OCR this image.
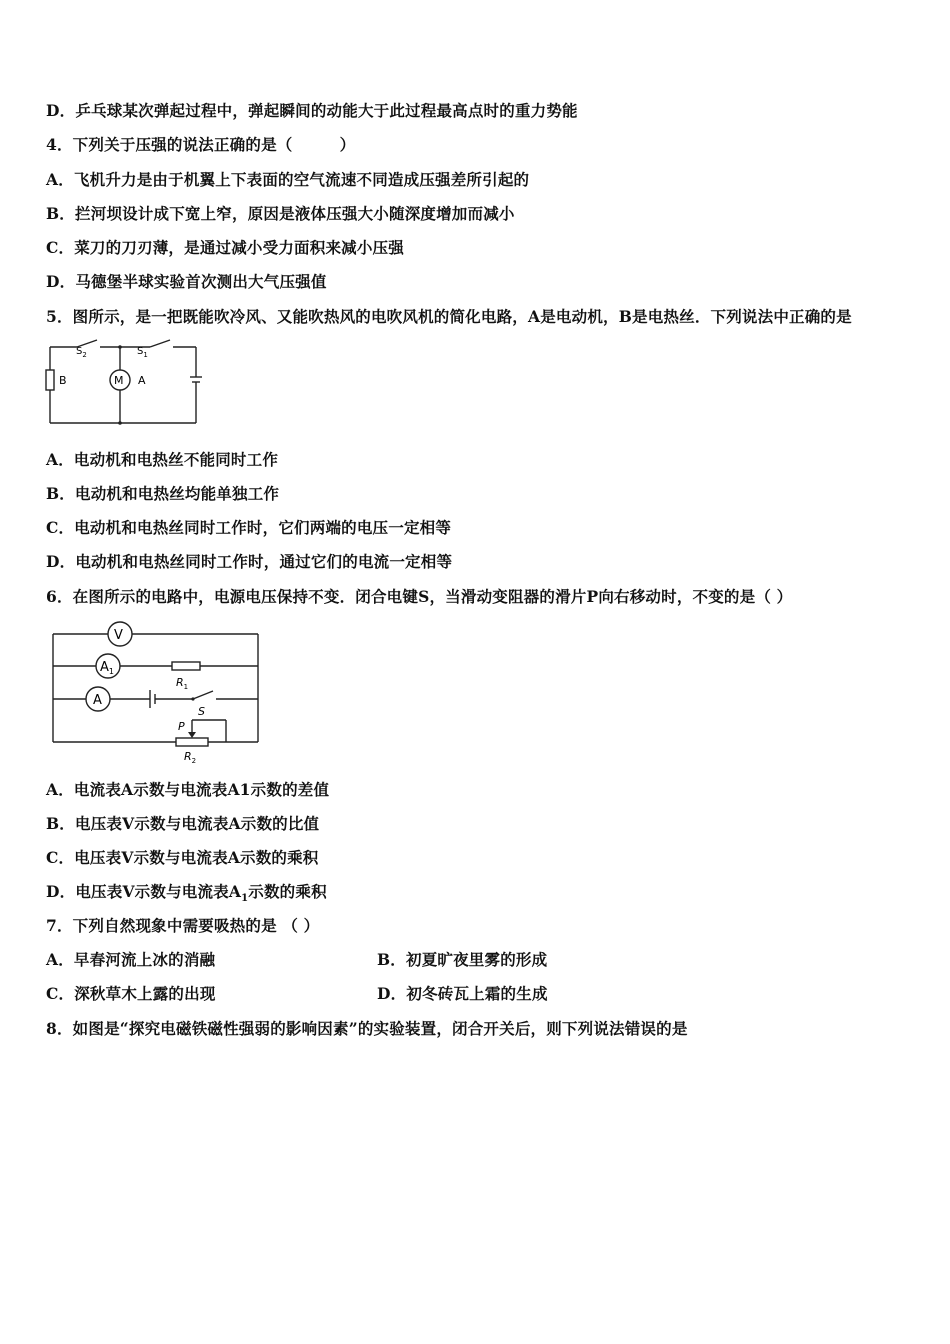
D．乒乓球某次弹起过程中，弹起瞬间的动能大于此过程最高点时的重力势能
4．下列关于压强的说法正确的是（　　　）
A．飞机升力是由于机翼上下表面的空气流速不同造成压强差所引起的
B．拦河坝设计成下宽上窄，原因是液体压强大小随深度增加而减小
C．菜刀的刀刃薄，是通过减小受力面积来减小压强
D．马德堡半球实验首次测出大气压强值
5．图所示，是一把既能吹冷风、又能吹热风的电吹风机的简化电路，A是电动机，B是电热丝．下列说法中正确的是
$S_2$	$S_1$
M A
B
A．电动机和电热丝不能同时工作
B．电动机和电热丝均能单独工作
C．电动机和电热丝同时工作时，它们两端的电压一定相等
D．电动机和电热丝同时工作时，通过它们的电流一定相等
6．在图所示的电路中，电源电压保持不变．闭合电键S，当滑动变阻器的滑片P向右移动时，不变的是（ ）
V
$A_1$
A
$R_1$
S
P
$R_2$
A．电流表A示数与电流表A1示数的差值
B．电压表V示数与电流表A示数的比值
C．电压表V示数与电流表A示数的乘积
D．电压表V示数与电流表$A_1$示数的乘积
7．下列自然现象中需要吸热的是 （ ）
A．早春河流上冰的消融	B．初夏旷夜里雾的形成
C．深秋草木上露的出现	D．初冬砖瓦上霜的生成
8．如图是“探究电磁铁磁性强弱的影响因素”的实验装置，闭合开关后，则下列说法错误的是
